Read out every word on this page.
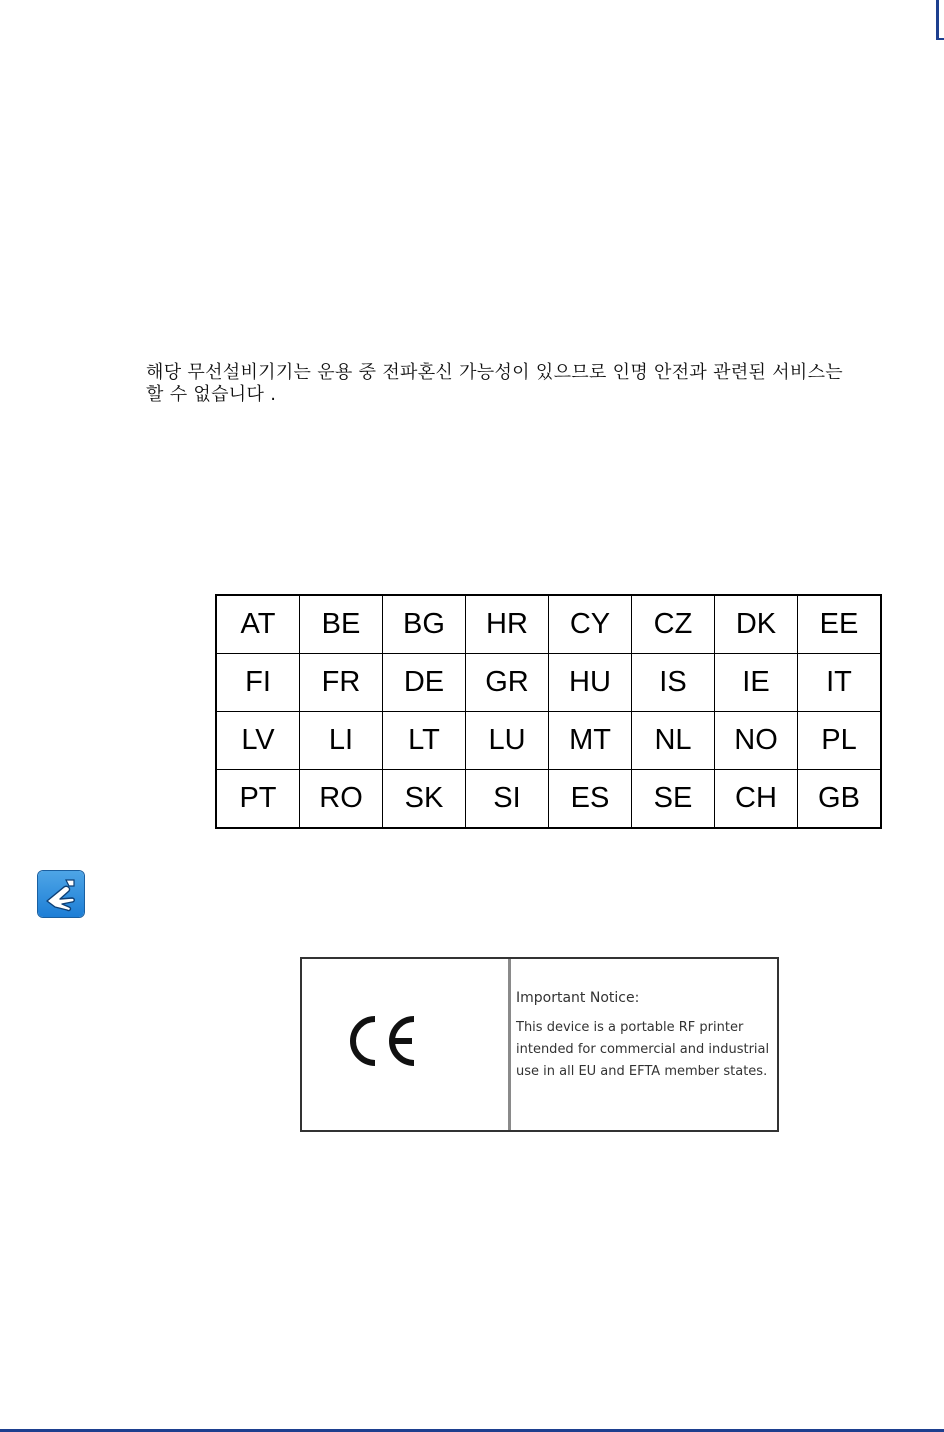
해당 무선설비기기는 운용 중 전파혼신 가능성이 있으므로 인명 안전과 관련된 서비스는
할 수 없습니다 .
AT	BE	BG	HR	CY	CZ	DK	EE
FI	FR	DE	GR	HU	IS	IE	IT
LV	LI	LT	LU	MT	NL	NO	PL
PT	RO	SK	SI	ES	SE	CH	GB
Important Notice:
This device is a portable RF printer
intended for commercial and industrial
use in all EU and EFTA member states.
